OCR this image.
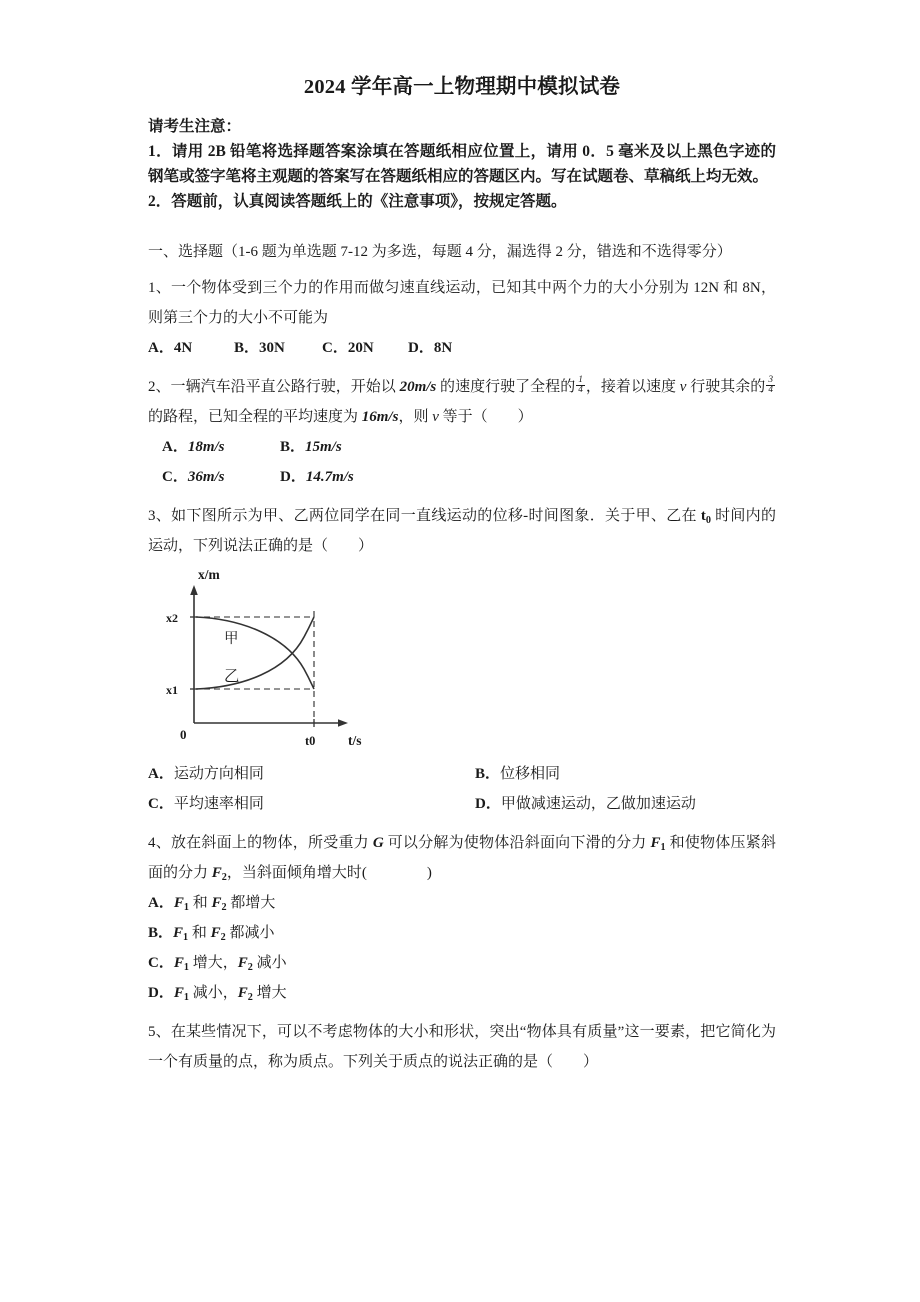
2024 学年高一上物理期中模拟试卷

请考生注意：

1．请用 2B 铅笔将选择题答案涂填在答题纸相应位置上，请用 0．5 毫米及以上黑色字迹的钢笔或签字笔将主观题的答案写在答题纸相应的答题区内。写在试题卷、草稿纸上均无效。

2．答题前，认真阅读答题纸上的《注意事项》，按规定答题。

一、选择题（1-6 题为单选题 7-12 为多选，每题 4 分，漏选得 2 分，错选和不选得零分）

1、一个物体受到三个力的作用而做匀速直线运动，已知其中两个力的大小分别为 12N 和 8N，则第三个力的大小不可能为

A．4N	B．30N C．20N D．8N

2、一辆汽车沿平直公路行驶，开始以 20m/s 的速度行驶了全程的 $\frac{1}{4}$ ，接着以速度 v 行驶其余的 $\frac{3}{4}$
的路程，已知全程的平均速度为 16m/s，则 v 等于（　　）

A．18m/s	B．15m/s

C．36m/s	D．14.7m/s

3、如下图所示为甲、乙两位同学在同一直线运动的位移-时间图象．关于甲、乙在 $t_0$ 时间内的运动，下列说法正确的是（　　）

x/m
x2
x1
0	t0 t/s
甲
乙
A．运动方向相同	B．位移相同
C．平均速率相同	D．甲做减速运动，乙做加速运动

4、放在斜面上的物体，所受重力 G 可以分解为使物体沿斜面向下滑的分力 $F_1$ 和使物体压紧斜面的分力 $F_2$，当斜面倾角增大时(　　　　)

A．$F_1$ 和 $F_2$ 都增大

B．$F_1$ 和 $F_2$ 都减小

C．$F_1$ 增大，$F_2$ 减小

D．$F_1$ 减小，$F_2$ 增大

5、在某些情况下，可以不考虑物体的大小和形状，突出“物体具有质量”这一要素，把它简化为一个有质量的点，称为质点。下列关于质点的说法正确的是（　　）
